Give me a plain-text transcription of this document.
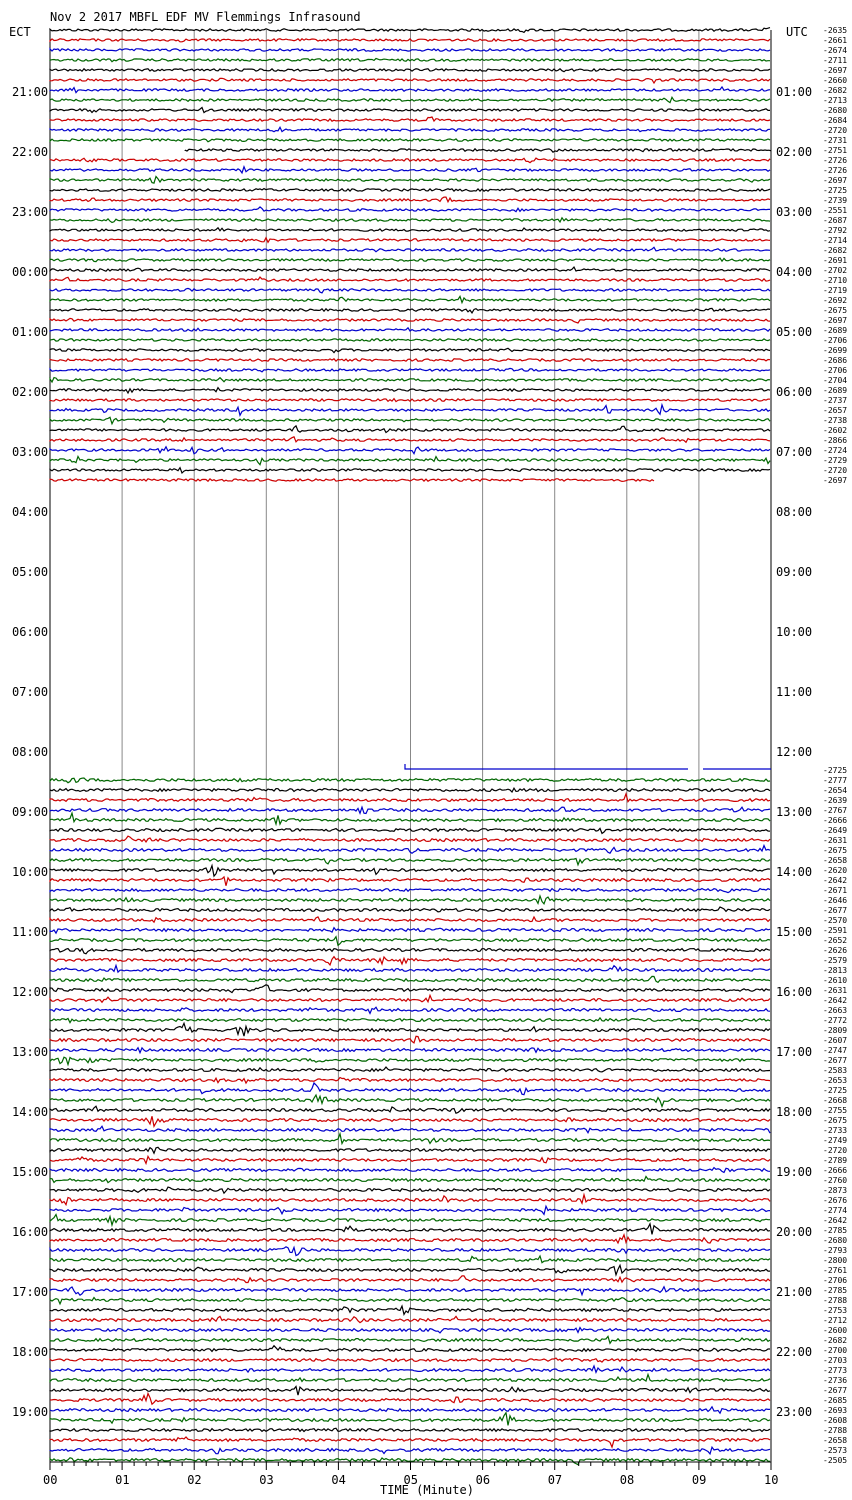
Nov 2 2017 MBFL EDF MV Flemmings Infrasound
ECT	UTC
TIME (Minute)
-2635
-2661
-2674
-2711
-2697
-2660
-2682
-2713
-2680
-2684
-2720
-2731
-2751
-2726
-2726
-2697
-2725
-2739
-2551
-2687
-2792
-2714
-2682
-2691
-2702
-2710
-2719
-2692
-2675
-2697
-2689
-2706
-2699
-2686
-2706
-2704
-2689
-2737
-2657
-2738
-2602
-2866
-2724
-2729
-2720
-2697
-2725
-2777
-2654
-2639
-2767
-2666
-2649
-2631
-2675
-2658
-2620
-2642
-2671
-2646
-2677
-2570
-2591
-2652
-2626
-2579
-2813
-2610
-2631
-2642
-2663
-2772
-2809
-2607
-2747
-2677
-2583
-2653
-2725
-2668
-2755
-2675
-2733
-2749
-2720
-2789
-2666
-2760
-2873
-2676
-2774
-2642
-2785
-2680
-2793
-2800
-2761
-2706
-2785
-2788
-2753
-2712
-2600
-2682
-2700
-2703
-2773
-2736
-2677
-2685
-2693
-2608
-2788
-2658
-2573
-2505
21:00	01:00
22:00	02:00
23:00	03:00
00:00	04:00
01:00	05:00
02:00	06:00
03:00	07:00
04:00	08:00
05:00	09:00
06:00	10:00
07:00	11:00
08:00	12:00
09:00	13:00
10:00	14:00
11:00	15:00
12:00	16:00
13:00	17:00
14:00	18:00
15:00	19:00
16:00	20:00
17:00	21:00
18:00	22:00
19:00	23:00
00	01	02	03	04	05	06	07	08	09	10
